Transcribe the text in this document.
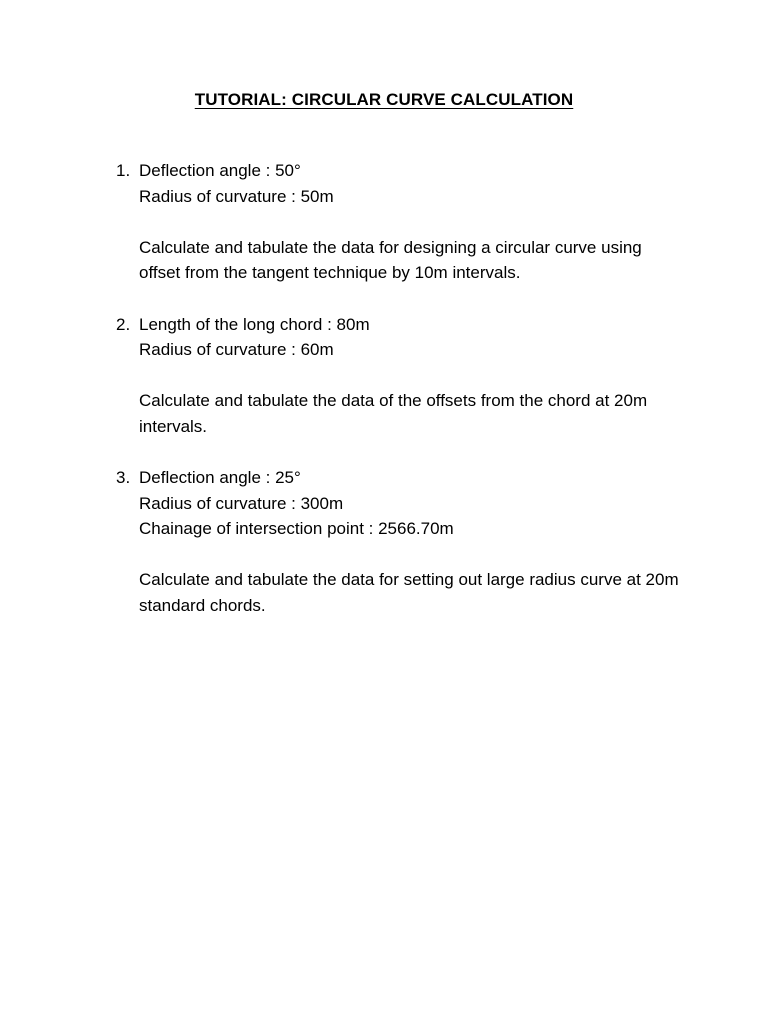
TUTORIAL: CIRCULAR CURVE CALCULATION
1. Deflection angle : 50°
Radius of curvature : 50m
Calculate and tabulate the data for designing a circular curve using offset from the tangent technique by 10m intervals.
2. Length of the long chord : 80m
Radius of curvature : 60m
Calculate and tabulate the data of the offsets from the chord at 20m intervals.
3. Deflection angle : 25°
Radius of curvature : 300m
Chainage of intersection point : 2566.70m
Calculate and tabulate the data for setting out large radius curve at 20m standard chords.
